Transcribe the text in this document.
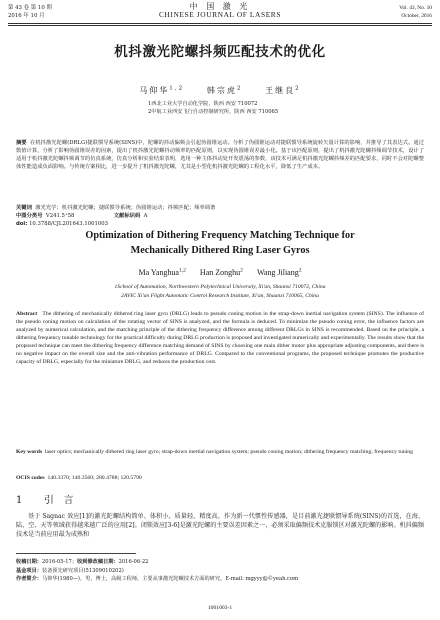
第 43 卷 第 10 期
2016 年 10 月
中 国 激 光
CHINESE JOURNAL OF LASERS
Vol. 43, No. 10
October, 2016
机抖激光陀螺抖频匹配技术的优化
马仰华$^{1,2}$	韩宗虎$^2$	王继良$^2$
1西北工业大学自动化学院，陕西 西安 710072
2中航工业西安飞行自动控制研究所，陕西 西安 710065
摘要 在机抖激光陀螺(DRLG)捷联惯导系统(SINS)中，陀螺的抖动偏频会引起伪圆锥运动。分析了伪圆锥运动对捷联惯导系统旋转矢量计算的影响，并推导了其表达式。通过数值计算，分析了影响伪圆锥误差的因素，提出了机抖激光陀螺抖动频率的匹配原则，以实现伪圆锥误差最小化。基于该匹配原则，提出了机抖激光陀螺抖频调节技术，设计了适用于机抖激光陀螺抖频调节的仿真系统，仿真分析和实验结果表明，选用一种主体抖动处开发震荡的参数，该技术可满足机抖激光陀螺抖频差的匹配要求，同时不会对陀螺整体性能造成负面影响。与传统方案相比，进一步提升了机抖激光陀螺，尤其是小型化机抖激光陀螺的工程化水平，降低了生产成本。
关键词 激光光学；机抖激光陀螺；捷联惯导系统；伪圆锥运动；抖频匹配；频率调谐
中图分类号 V241.5⁺58	文献标识码 A
doi: 10.3788/CJL201643.1001003
Optimization of Dithering Frequency Matching Technique for
Mechanically Dithered Ring Laser Gyros
Ma Yanghua$^{1,2}$ Han Zonghu$^2$ Wang Jiliang$^2$
1School of Automation, Northwestern Polytechnical University, Xi'an, Shaanxi 710072, China
2AVIC Xi'an Flight Automatic Control Research Institute, Xi'an, Shaanxi 710065, China
Abstract The dithering of mechanically dithered ring laser gyro (DRLG) leads to pseudo coning motion in the strap-down inertial navigation system (SINS). The influence of the pseudo coning motion on calculation of the rotating vector of SINS is analyzed, and the formula is deduced. To minimize the pseudo coning error, the influence factors are analyzed by numerical calculation, and the matching principle of the dithering frequency difference among different DRLGs in SINS is recommended. Based on the principle, a dithering frequency tunable technology for the practical difficulty during DRLG production is proposed and investigated numerically and experimentally. The results show that the proposed technique can meet the dithering frequency difference matching demand of SINS by choosing one main dither motor plus appropriate adjusting components, and there is no negative impact on the overall size and the anti-vibration performance of DRLG. Compared to the conventional programs, the proposed technique promotes the productive capacity of DRLG, especially for the miniature DRLG, and reduces the production cost.
Key words laser optics; mechanically dithered ring laser gyro; strap-down inertial navigation system; pseudo coning motion; dithering frequency matching; frequency tuning
OCIS codes 140.3370; 140.3560; 280.4788; 120.5790
1 引　言
基于 Sagnac 效应[1]的激光陀螺结构简单、体积小、质量轻、精度高，作为新一代惯性传感器，是目前激光捷联惯导系统(SINS)的首选，在海、陆、空、天等领域获得越来越广泛的应用[2]。闭锁效应[3-6]是激光陀螺的主要误差因素之一，必须采取偏频技术克服锁区对激光陀螺的影响。机抖偏频技术是当前应用最为成熟和
收稿日期：2016-05-17；收到修改稿日期：2016-06-22
基金项目：装备预先研究项目(51309010202)
作者简介：马仰华(1980—)，男，博士，高级工程师，主要从事激光陀螺技术方面的研究。E-mail: mgyyy@©yeah.com
1001003-1
